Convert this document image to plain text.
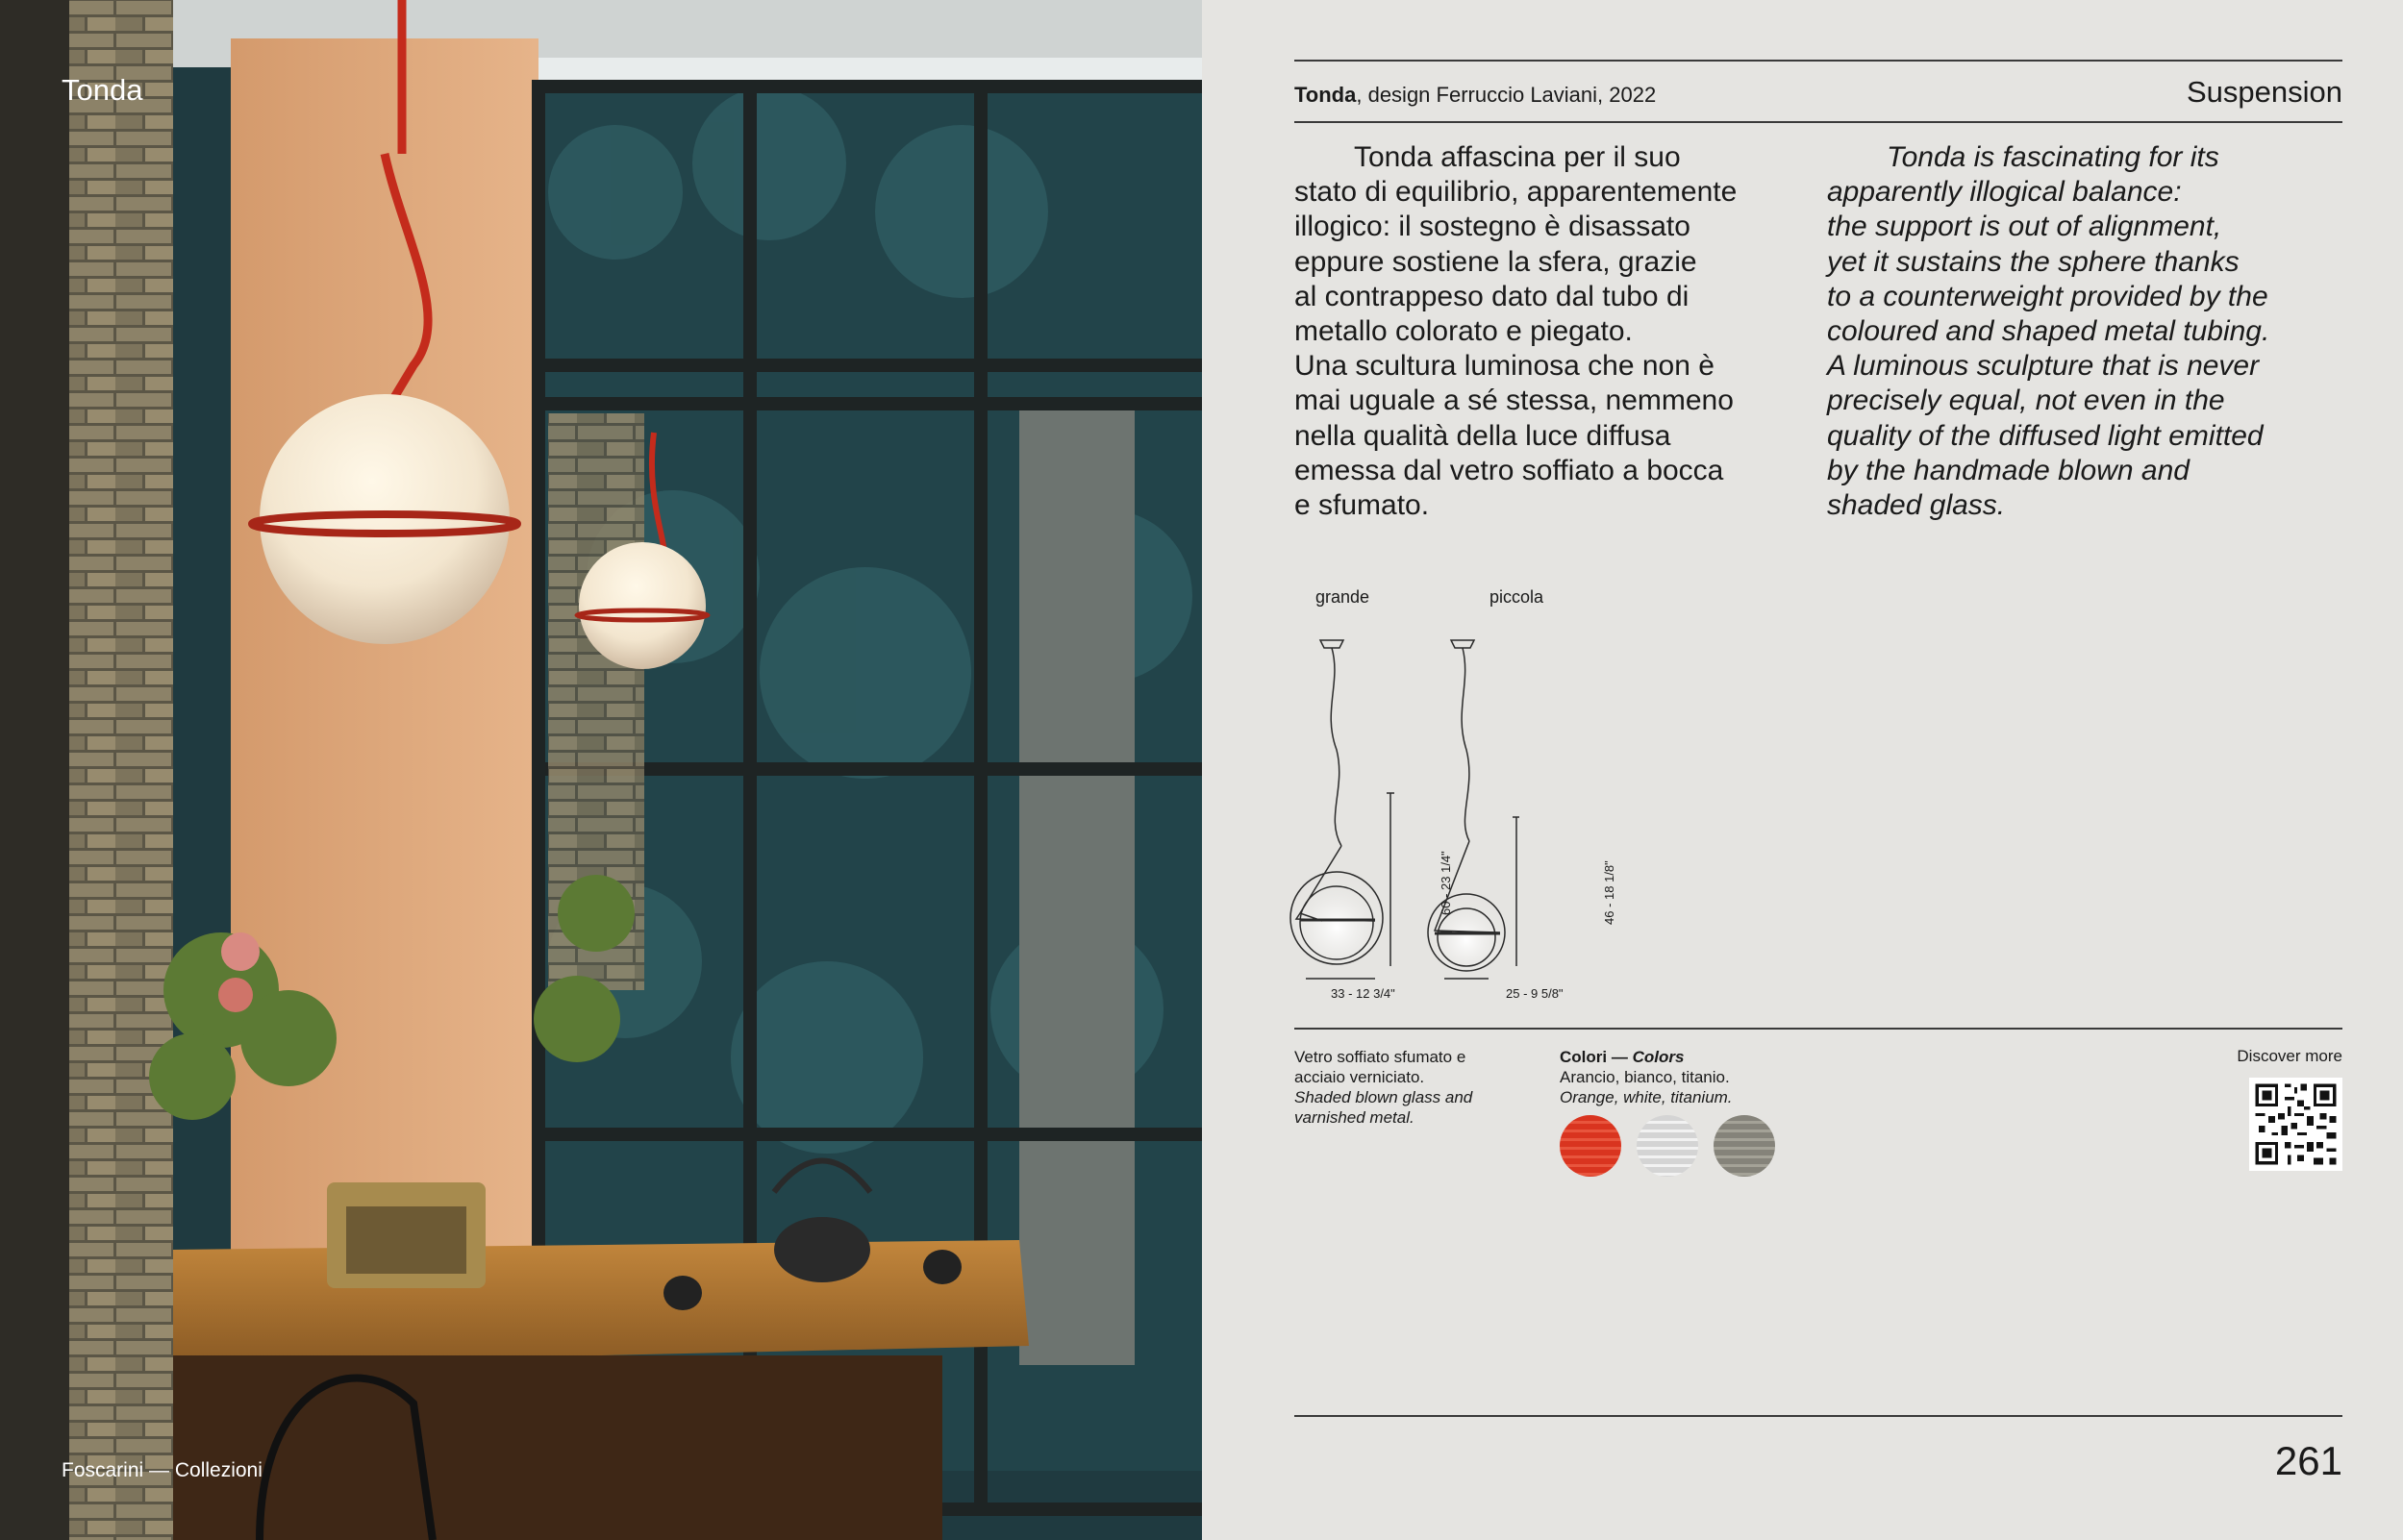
Tonda
Foscarini — Collezioni
Tonda, design Ferruccio Laviani, 2022	Suspension

Tonda affascina per il suo

stato di equilibrio, apparentemente

illogico: il sostegno è disassato

eppure sostiene la sfera, grazie

al contrappeso dato dal tubo di

metallo colorato e piegato.

Una scultura luminosa che non è

mai uguale a sé stessa, nemmeno

nella qualità della luce diffusa

emessa dal vetro soffiato a bocca

e sfumato.

Tonda is fascinating for its

apparently illogical balance:

the support is out of alignment,

yet it sustains the sphere thanks

to a counterweight provided by the

coloured and shaped metal tubing.

A luminous sculpture that is never

precisely equal, not even in the

quality of the diffused light emitted

by the handmade blown and

shaded glass.

grande	piccola
60 - 23 1/4"	46 - 18 1/8"
33 - 12 3/4"	25 - 9 5/8"

Vetro soffiato sfumato e

acciaio verniciato.

Shaded blown glass and

varnished metal.

Colori — Colors

Arancio, bianco, titanio.

Orange, white, titanium.

Discover more
261
